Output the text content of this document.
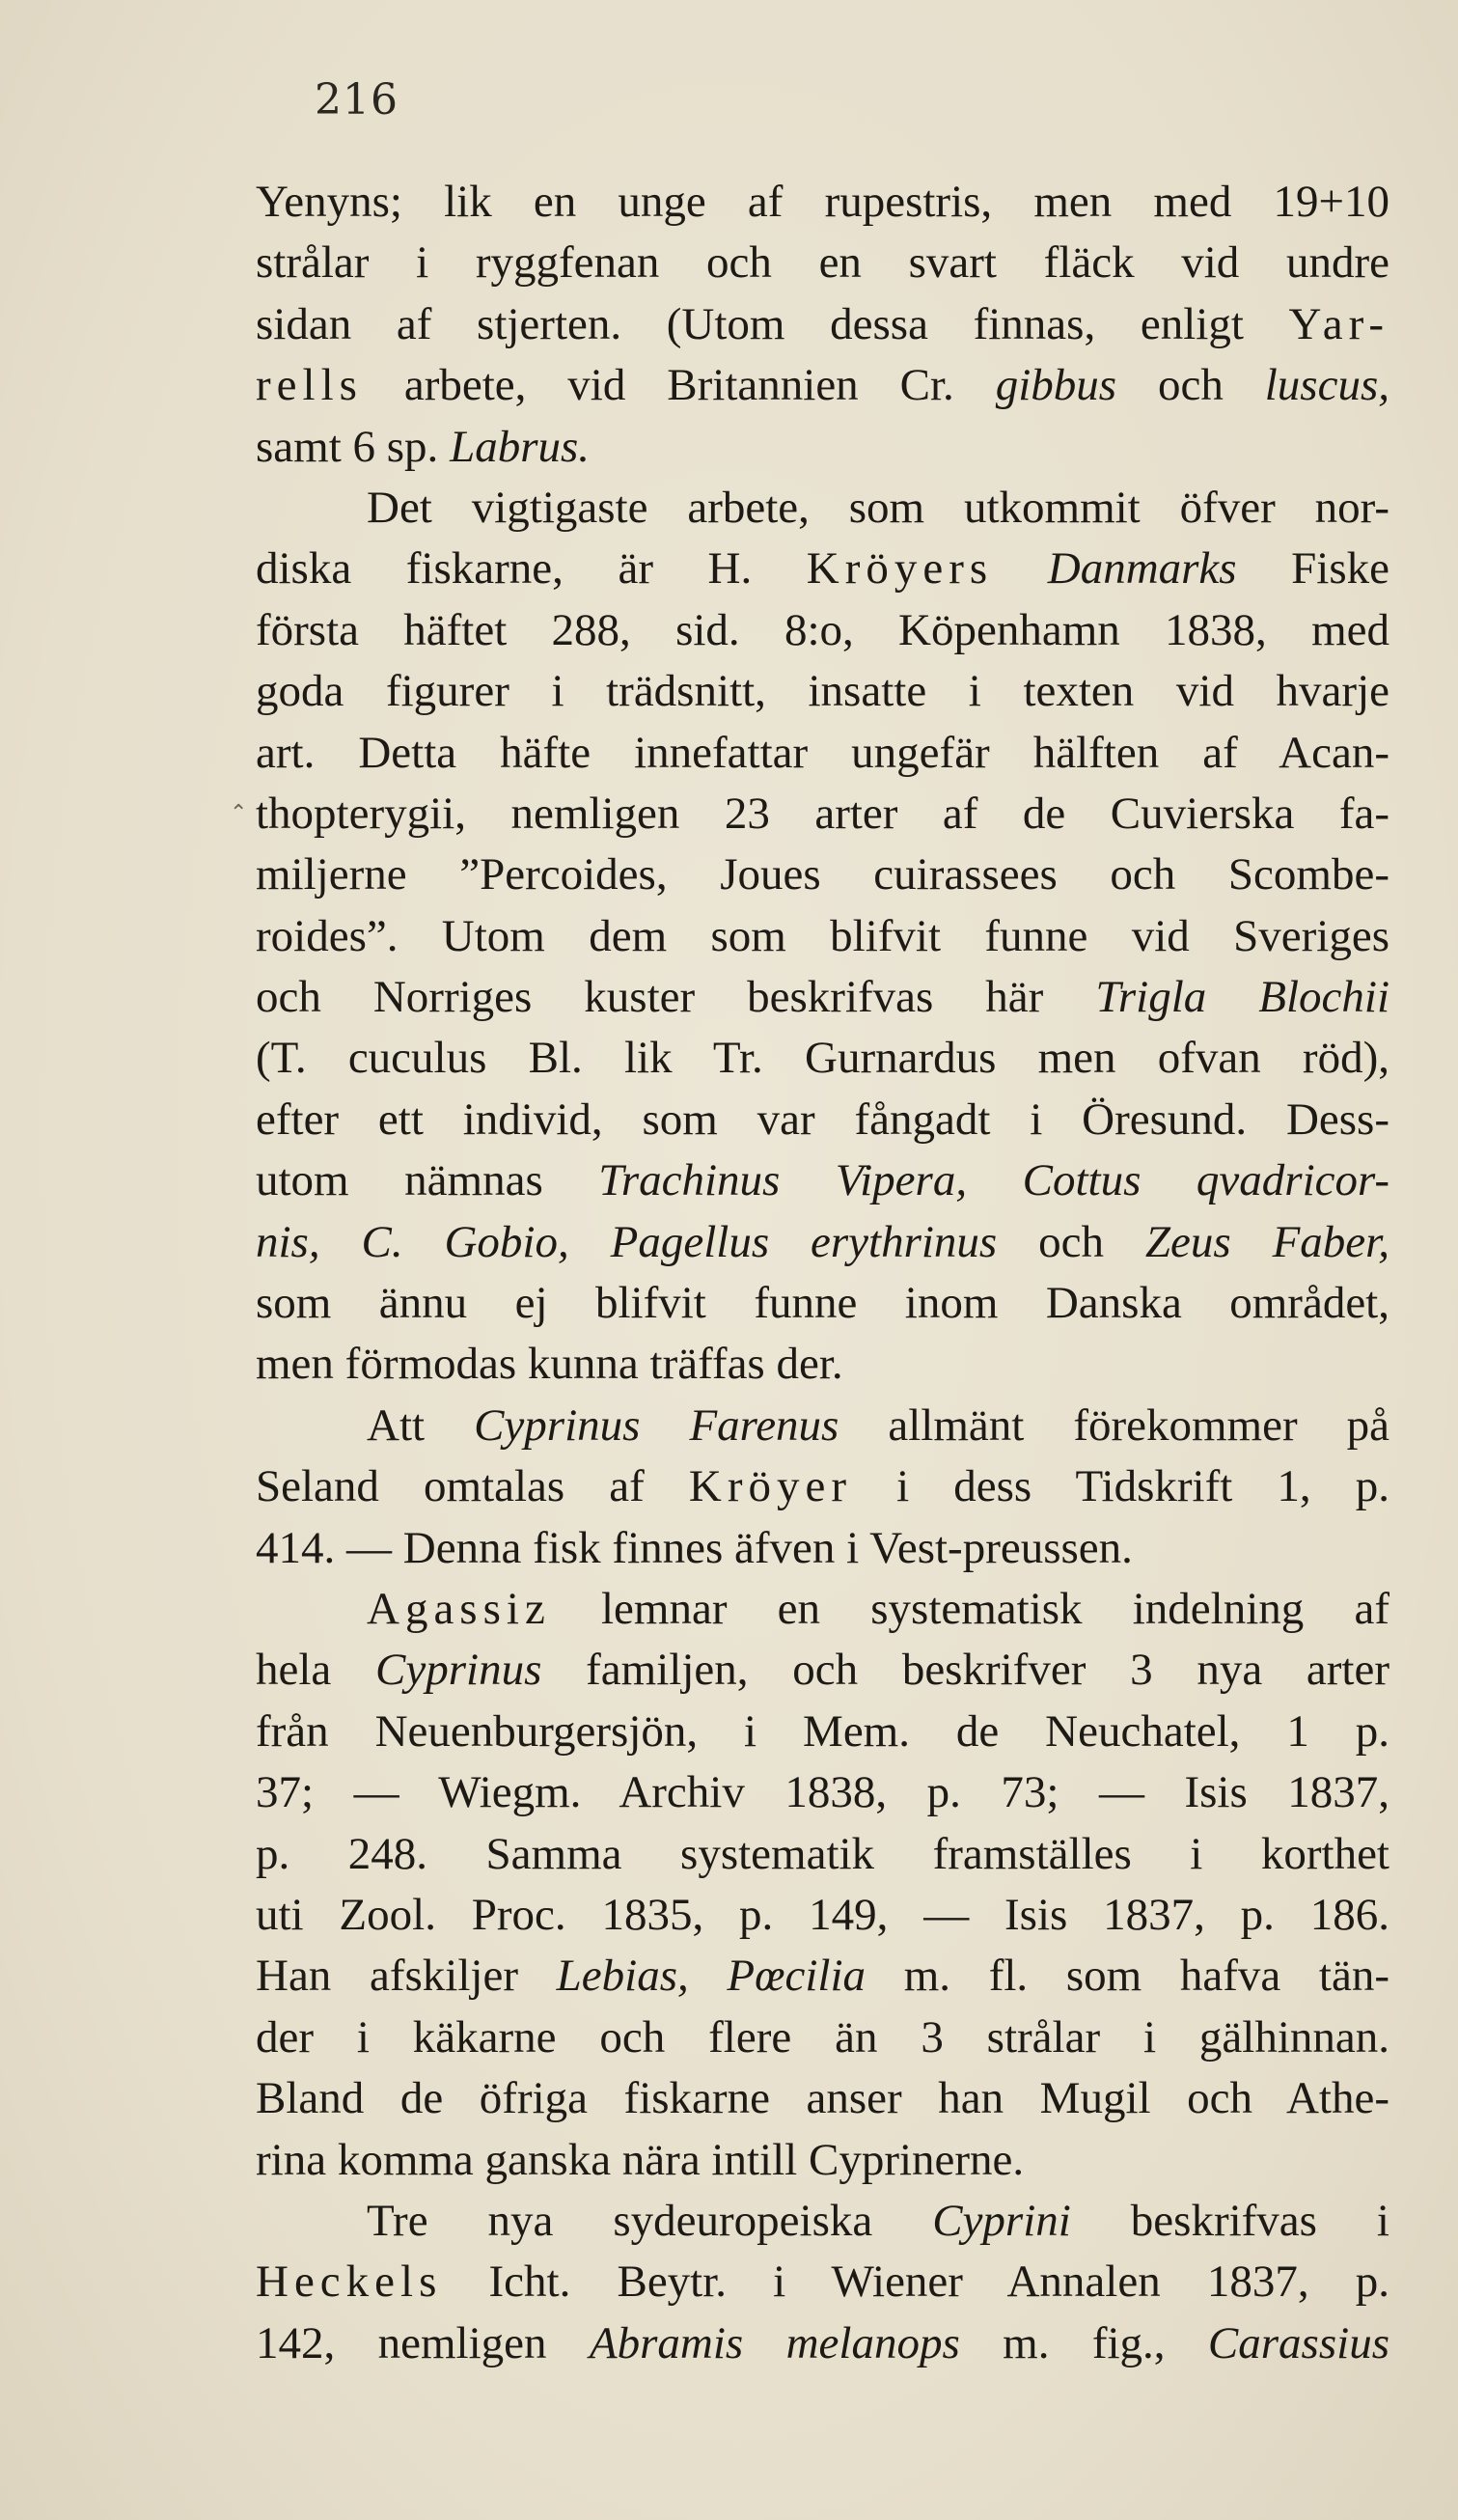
216
Yenyns; lik en unge af rupestris, men med 19+10
strålar i ryggfenan och en svart fläck vid undre
sidan af stjerten. (Utom dessa finnas, enligt Yar-
rells arbete, vid Britannien Cr. gibbus och luscus,
samt 6 sp. Labrus.
Det vigtigaste arbete, som utkommit öfver nor-
diska fiskarne, är H. Kröyers Danmarks Fiske
första häftet 288, sid. 8:o, Köpenhamn 1838, med
goda figurer i trädsnitt, insatte i texten vid hvarje
art. Detta häfte innefattar ungefär hälften af Acan-
thopterygii, nemligen 23 arter af de Cuvierska fa-
miljerne ”Percoides, Joues cuirassees och Scombe-
roides”. Utom dem som blifvit funne vid Sveriges
och Norriges kuster beskrifvas här Trigla Blochii
(T. cuculus Bl. lik Tr. Gurnardus men ofvan röd),
efter ett individ, som var fångadt i Öresund. Dess-
utom nämnas Trachinus Vipera, Cottus qvadricor-
nis, C. Gobio, Pagellus erythrinus och Zeus Faber,
som ännu ej blifvit funne inom Danska området,
men förmodas kunna träffas der.
Att Cyprinus Farenus allmänt förekommer på
Seland omtalas af Kröyer i dess Tidskrift 1, p.
414. — Denna fisk finnes äfven i Vest-preussen.
Agassiz lemnar en systematisk indelning af
hela Cyprinus familjen, och beskrifver 3 nya arter
från Neuenburgersjön, i Mem. de Neuchatel, 1 p.
37; — Wiegm. Archiv 1838, p. 73; — Isis 1837,
p. 248. Samma systematik framställes i korthet
uti Zool. Proc. 1835, p. 149, — Isis 1837, p. 186.
Han afskiljer Lebias, Pœcilia m. fl. som hafva tän-
der i käkarne och flere än 3 strålar i gälhinnan.
Bland de öfriga fiskarne anser han Mugil och Athe-
rina komma ganska nära intill Cyprinerne.
Tre nya sydeuropeiska Cyprini beskrifvas i
Heckels Icht. Beytr. i Wiener Annalen 1837, p.
142, nemligen Abramis melanops m. fig., Carassius
⌃
